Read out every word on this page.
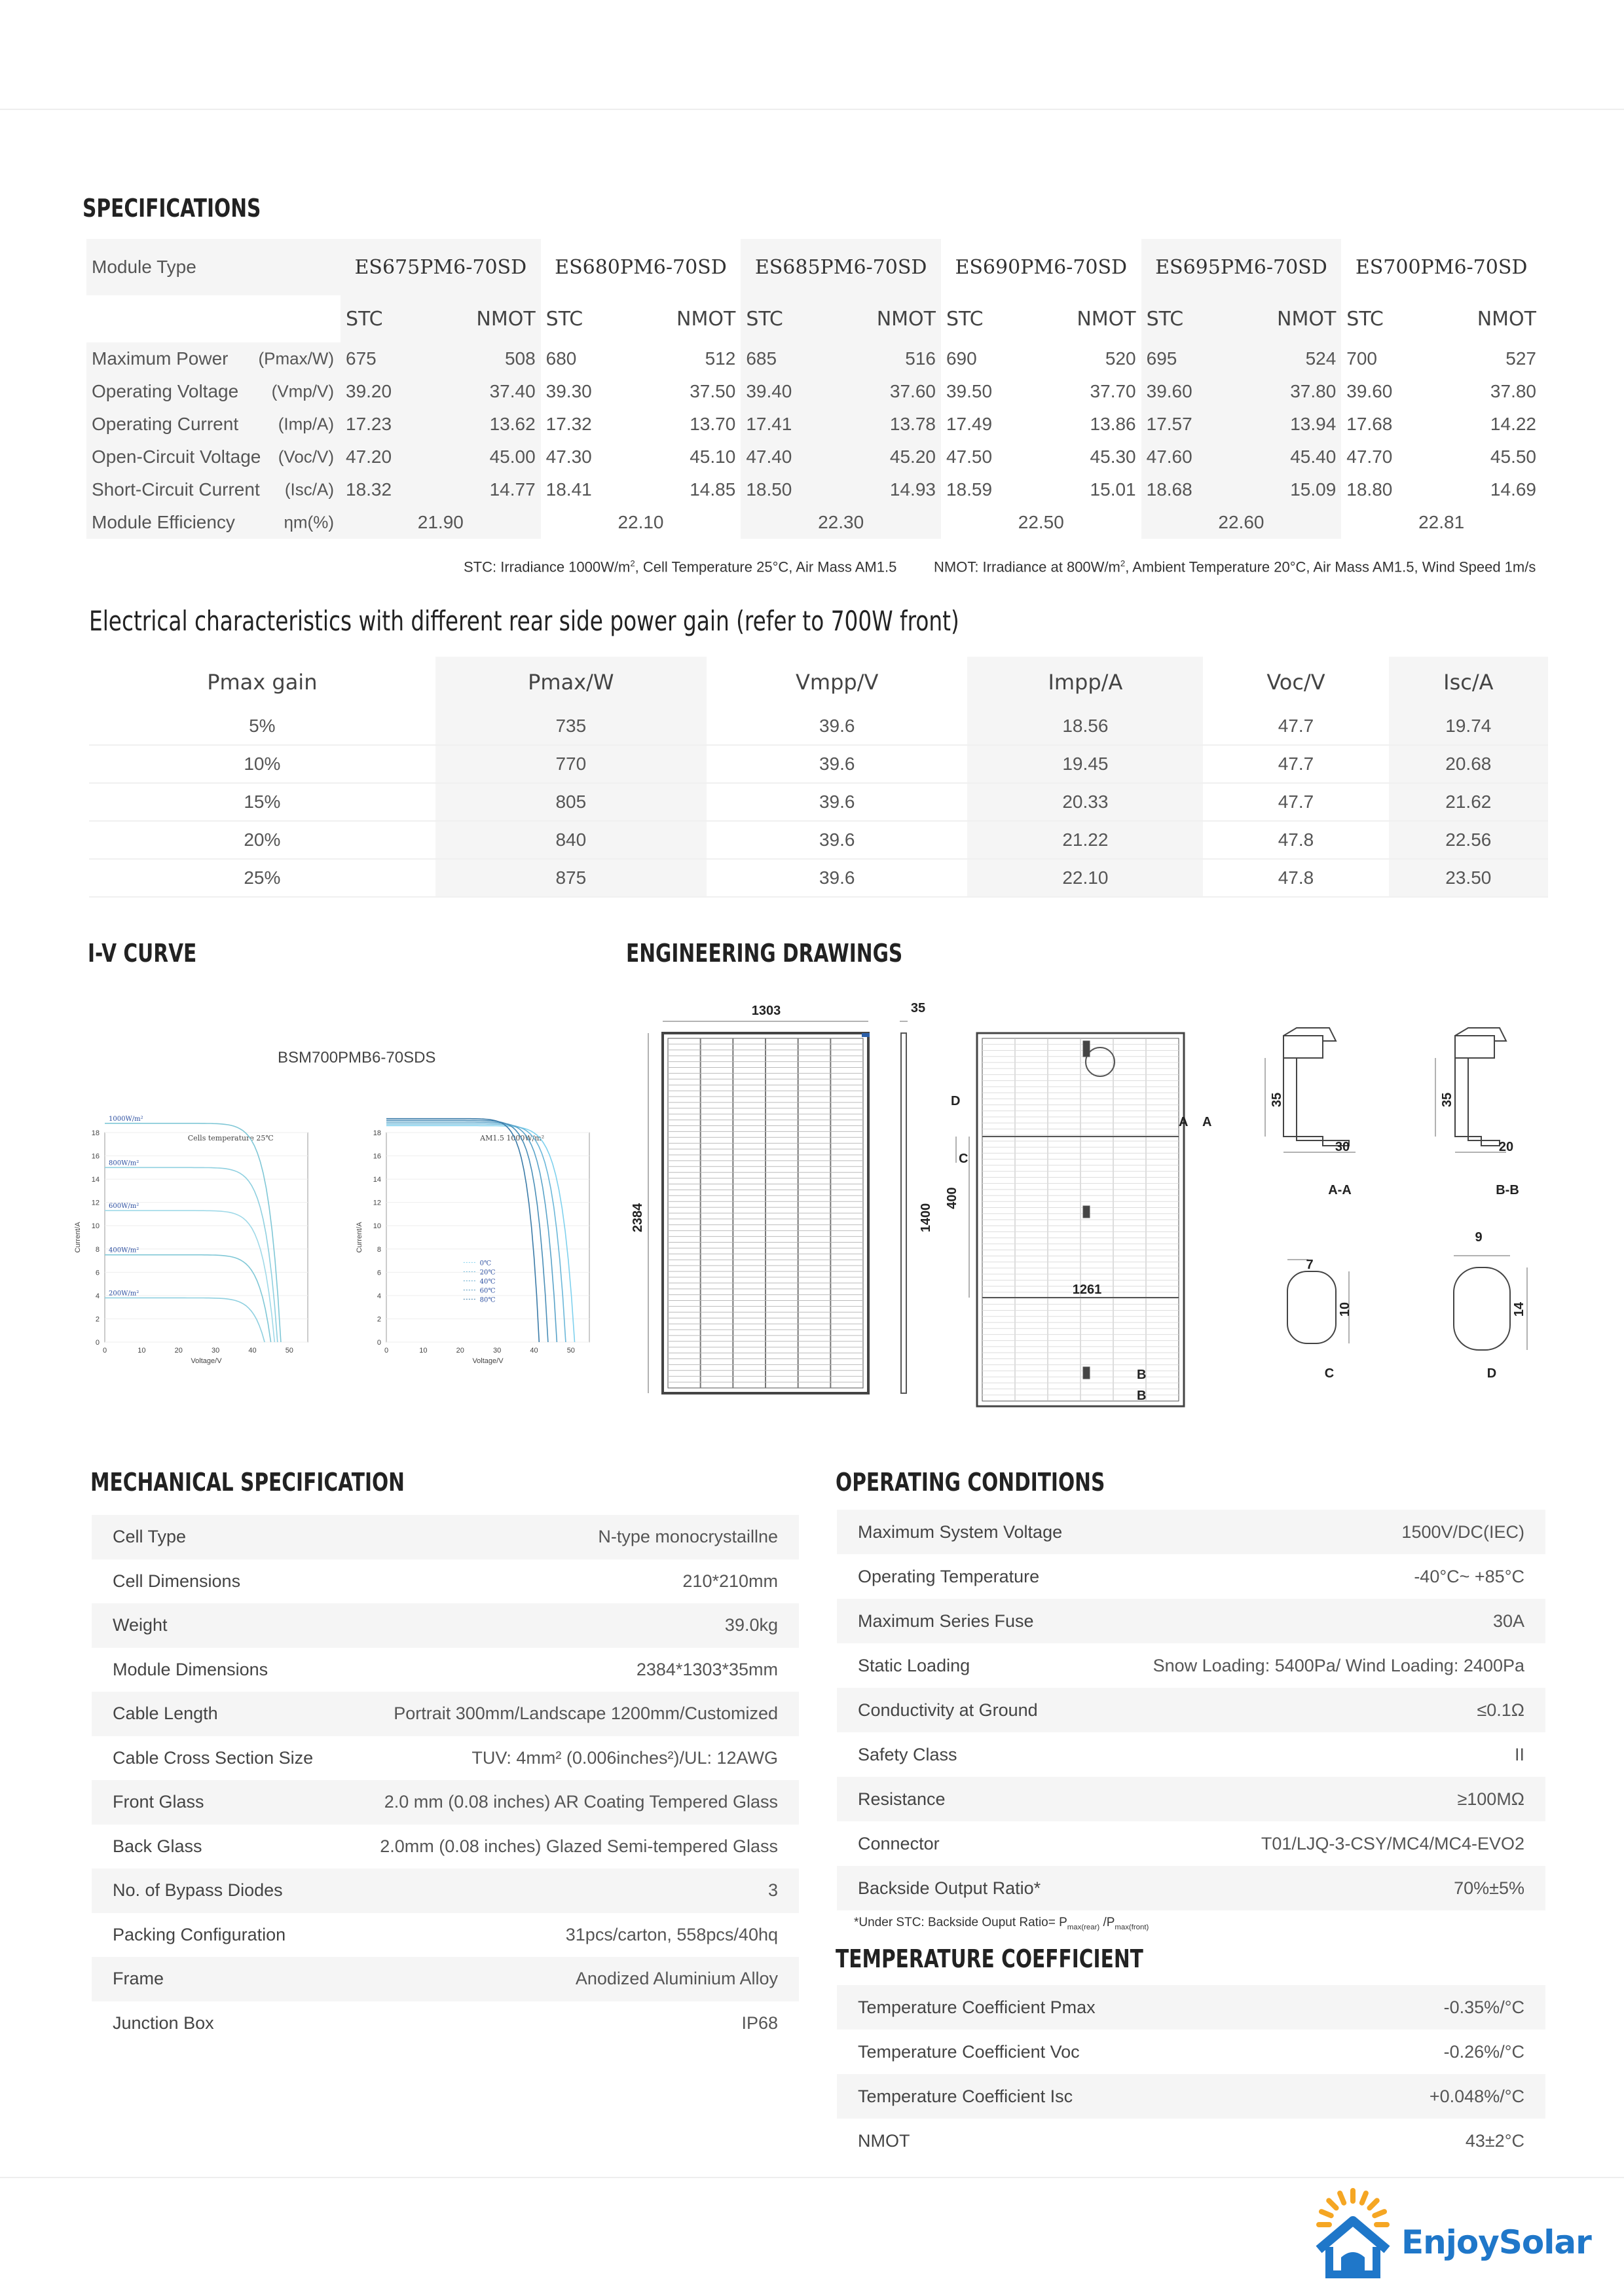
SPECIFICATIONS
Module Type	ES675PM6-70SD		ES680PM6-70SD		ES685PM6-70SD		ES690PM6-70SD		ES695PM6-70SD		ES700PM6-70SD	
	STC	NMOT	STC	NMOT	STC	NMOT	STC	NMOT	STC	NMOT	STC	NMOT
Maximum Power (Pmax/W)	675	508	680	512	685	516	690	520	695	524	700	527
Operating Voltage (Vmp/V)	39.20	37.40	39.30	37.50	39.40	37.60	39.50	37.70	39.60	37.80	39.60	37.80
Operating Current (Imp/A)	17.23	13.62	17.32	13.70	17.41	13.78	17.49	13.86	17.57	13.94	17.68	14.22
Open-Circuit Voltage (Voc/V)	47.20	45.00	47.30	45.10	47.40	45.20	47.50	45.30	47.60	45.40	47.70	45.50
Short-Circuit Current (Isc/A)	18.32	14.77	18.41	14.85	18.50	14.93	18.59	15.01	18.68	15.09	18.80	14.69
Module Efficiency ηm(%)	21.90		22.10		22.30		22.50		22.60		22.81	
STC: Irradiance $1000W/m^2$, Cell Temperature 25°C, Air Mass AM1.5	NMOT: Irradiance at $800W/m^2$, Ambient Temperature 20°C, Air Mass AM1.5, Wind Speed 1m/s
Electrical characteristics with different rear side power gain (refer to 700W front)
Pmax gain	Pmax/W	Vmpp/V	Impp/A	Voc/V	Isc/A
5%	735	39.6	18.56	47.7	19.74
10%	770	39.6	19.45	47.7	20.68
15%	805	39.6	20.33	47.7	21.62
20%	840	39.6	21.22	47.8	22.56
25%	875	39.6	22.10	47.8	23.50
I-V CURVE
BSM700PMB6-70SDS
0
2
4
6
8
10
12
14
16
18
0	10	20	30	40	50
Current/A
Voltage/V
Cells temperature 25℃
1000W/m²
800W/m²
600W/m²
400W/m²
200W/m²
0
2
4
6
8
10
12
14
16
18
0	10	20	30	40	50
Current/A
Voltage/V
AM1.5 1000W/m²
0℃
20℃
40℃
60℃
80℃
ENGINEERING DRAWINGS
1303
2384
35
1400
400
1261
D
C
A A
B
B
35
30
A-A
35
20
B-B
7
10
C
9
14
D
MECHANICAL SPECIFICATION
Cell Type	N-type monocrystaillne
Cell Dimensions	210*210mm
Weight	39.0kg
Module Dimensions	2384*1303*35mm
Cable Length	Portrait 300mm/Landscape 1200mm/Customized
Cable Cross Section Size	TUV: 4mm² (0.006inches²)/UL: 12AWG
Front Glass	2.0 mm (0.08 inches) AR Coating Tempered Glass
Back Glass	2.0mm (0.08 inches) Glazed Semi-tempered Glass
No. of Bypass Diodes	3
Packing Configuration	31pcs/carton, 558pcs/40hq
Frame	Anodized Aluminium Alloy
Junction Box	IP68
OPERATING CONDITIONS
Maximum System Voltage	1500V/DC(IEC)
Operating Temperature	-40°C~ +85°C
Maximum Series Fuse	30A
Static Loading	Snow Loading: 5400Pa/ Wind Loading: 2400Pa
Conductivity at Ground	≤0.1Ω
Safety Class	II
Resistance	≥100MΩ
Connector	T01/LJQ-3-CSY/MC4/MC4-EVO2
Backside Output Ratio*	70%±5%
*Under STC: Backside Ouput Ratio= $P_{max(rear)}$ $/P_{max(front)}$
TEMPERATURE COEFFICIENT
Temperature Coefficient Pmax	-0.35%/°C
Temperature Coefficient Voc	-0.26%/°C
Temperature Coefficient Isc	+0.048%/°C
NMOT	43±2°C
EnjoySolar
